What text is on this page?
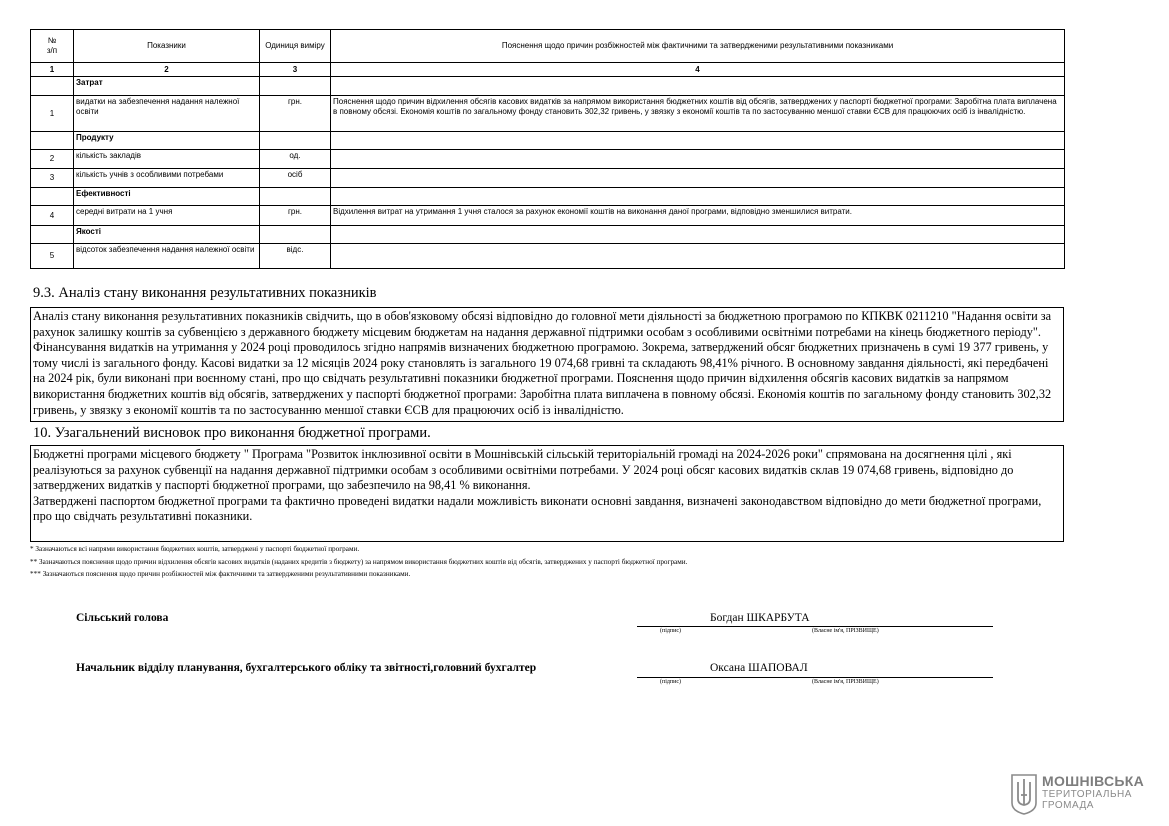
№
з/п	Показники	Одиниця виміру	Пояснення щодо причин розбіжностей між фактичними та затвердженими результативними показниками
1	2	3	4
	Затрат		
1	видатки на забезпечення надання належної освіти	грн.	Пояснення щодо причин відхилення обсягів касових видатків за напрямом використання бюджетних коштів від обсягів, затверджених у паспорті бюджетної програми: Заробітна плата виплачена в повному обсязі. Економія коштів по загальному фонду становить 302,32 гривень, у звязку з економії коштів та по застосуванню меншої ставки ЄСВ для працюючих осіб із інвалідністю.
	Продукту		
2	кількість закладів	од.	
3	кількість учнів з особливими потребами	осіб	
	Ефективності		
4	середні витрати на 1 учня	грн.	Відхилення витрат на утримання 1 учня сталося за рахунок економії коштів на виконання даної програми, відповідно зменшилися витрати.
	Якості		
5	відсоток забезпечення надання належної освіти	відс.	
9.3. Аналіз стану виконання результативних показників
Аналіз стану виконання результативних показників свідчить, що в обов'язковому обсязі відповідно до головної мети діяльності за бюджетною програмою по КПКВК 0211210 "Надання освіти за рахунок залишку коштів за субвенцією з державного бюджету місцевим бюджетам на надання державної підтримки особам з особливими освітніми потребами на кінець бюджетного періоду". Фінансування видатків на утримання у 2024 році проводилось згідно напрямів визначених бюджетною програмою. Зокрема, затверджений обсяг бюджетних призначень в сумі 19 377 гривень, у тому числі із загального фонду. Касові видатки за 12 місяців 2024 року становлять із загального 19 074,68 гривні та складають 98,41% річного. В основному завдання діяльності, які передбачені на 2024 рік, були виконані при воєнному стані, про що свідчать результативні показники бюджетної програми. Пояснення щодо причин відхилення обсягів касових видатків за напрямом використання бюджетних коштів від обсягів, затверджених у паспорті бюджетної програми: Заробітна плата виплачена в повному обсязі. Економія коштів по загальному фонду становить 302,32 гривень, у звязку з економії коштів та по застосуванню меншої ставки ЄСВ для працюючих осіб із інвалідністю.
10. Узагальнений висновок про виконання бюджетної програми.
Бюджетні програми місцевого бюджету " Програма "Розвиток інклюзивної освіти в Мошнівській сільській територіальній громаді на 2024-2026 роки" спрямована на досягнення цілі , які реалізуються за рахунок субвенції на надання державної підтримки особам з особливими освітніми потребами. У 2024 році обсяг касових видатків склав 19 074,68 гривень, відповідно до затверджених видатків у паспорті бюджетної програми, що забезпечило на 98,41 % виконання.
Затверджені паспортом бюджетної програми та фактично проведені видатки надали можливість виконати основні завдання, визначені законодавством відповідно до мети бюджетної програми, про що свідчать результативні показники.
* Зазначаються всі напрями використання бюджетних коштів, затверджені у паспорті бюджетної програми.
** Зазначаються пояснення щодо причин відхилення обсягів касових видатків (наданих кредитів з бюджету) за напрямом використання бюджетних коштів від обсягів, затверджених у паспорті бюджетної програми.
*** Зазначаються пояснення щодо причин розбіжностей між фактичними та затвердженими результативними показниками.
Сільський голова	Богдан ШКАРБУТА
(підпис)	(Власне ім'я, ПРІЗВИЩЕ)
Начальник відділу планування, бухгалтерського обліку та звітності,головний бухгалтер	Оксана ШАПОВАЛ
(підпис)	(Власне ім'я, ПРІЗВИЩЕ)
МОШНІВСЬКА
ТЕРИТОРІАЛЬНА
ГРОМАДА
